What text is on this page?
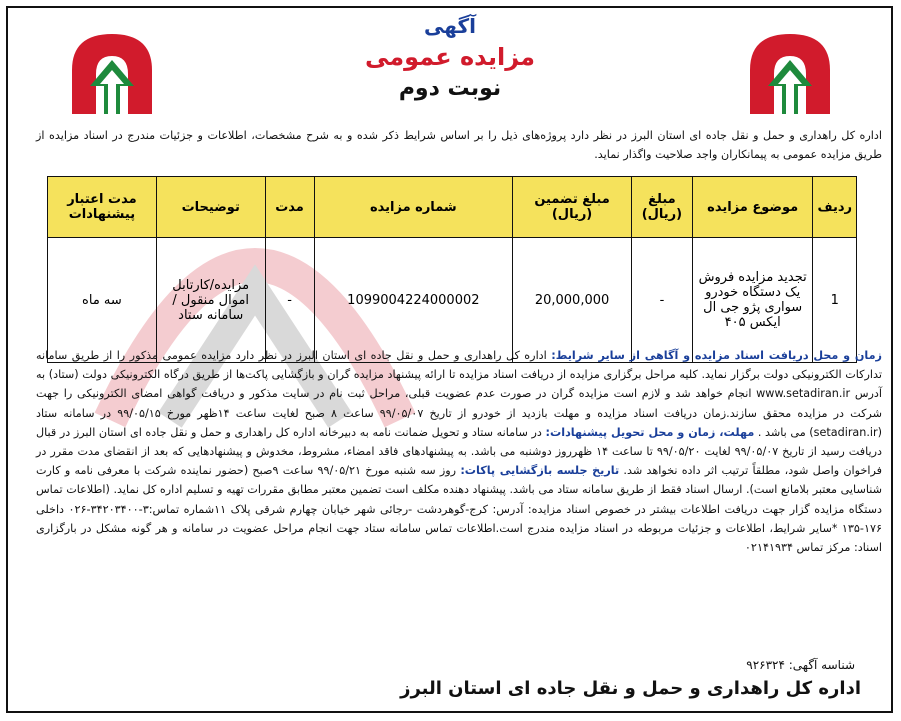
آگهی
مزایده عمومی
نوبت دوم
اداره کل راهداری و حمل و نقل جاده ای استان البرز در نظر دارد پروژه‌های ذیل را بر اساس شرایط ذکر شده و به شرح مشخصات، اطلاعات و جزئیات مندرج در اسناد مزایده از طریق مزایده عمومی به پیمانکاران واجد صلاحیت واگذار نماید.
ردیف	موضوع مزایده	مبلغ (ریال)	مبلغ تضمین (ریال)	شماره مزایده	مدت	توضیحات	مدت اعتبار پیشنهادات
1	تجدید مزایده فروش یک دستگاه خودرو سواری پژو جی ال ایکس ۴۰۵	-	20,000,000	1099004224000002	-	مزایده/کارتابل اموال منقول / سامانه ستاد	سه ماه
زمان و محل دریافت اسناد مزایده و آگاهی از سایر شرایط: اداره کل راهداری و حمل و نقل جاده ای استان البرز در نظر دارد مزایده عمومی مذکور را از طریق سامانه تدارکات الکترونیکی دولت برگزار نماید. کلیه مراحل برگزاری مزایده از دریافت اسناد مزایده تا ارائه پیشنهاد مزایده گران و بازگشایی پاکت‌ها از طریق درگاه الکترونیکی دولت (ستاد) به آدرس www.setadiran.ir انجام خواهد شد و لازم است مزایده گران در صورت عدم عضویت قبلی، مراحل ثبت نام در سایت مذکور و دریافت گواهی امضای الکترونیکی را جهت شرکت در مزایده محقق سازند.زمان دریافت اسناد مزایده و مهلت بازدید از خودرو از تاریخ ۹۹/۰۵/۰۷ ساعت ۸ صبح لغایت ساعت ۱۴ظهر مورخ ۹۹/۰۵/۱۵ در سامانه ستاد (setadiran.ir) می باشد . مهلت، زمان و محل تحویل پیشنهادات: در سامانه ستاد و تحویل ضمانت نامه به دبیرخانه اداره کل راهداری و حمل و نقل جاده ای استان البرز در قبال دریافت رسید از تاریخ ۹۹/۰۵/۰۷ لغایت ۹۹/۰۵/۲۰ تا ساعت ۱۴ ظهرروز دوشنبه می باشد. به پیشنهادهای فاقد امضاء، مشروط، مخدوش و پیشنهادهایی که بعد از انقضای مدت مقرر در فراخوان واصل شود، مطلقاً ترتیب اثر داده نخواهد شد. تاریخ جلسه بازگشایی پاکات: روز سه شنبه مورخ ۹۹/۰۵/۲۱ ساعت ۹صبح (حضور نماینده شرکت با معرفی نامه و کارت شناسایی معتبر بلامانع است). ارسال اسناد فقط از طریق سامانه ستاد می باشد. پیشنهاد دهنده مکلف است تضمین معتبر مطابق مقررات تهیه و تسلیم اداره کل نماید. (اطلاعات تماس دستگاه مزایده گزار جهت دریافت اطلاعات بیشتر در خصوص اسناد مزایده: آدرس: کرج-گوهردشت -رجائی شهر خیابان چهارم شرقی پلاک ۱۱شماره تماس:۳-۳۴۲۰۳۴۰۰-۰۲۶ داخلی ۱۷۶-۱۳۵ *سایر شرایط، اطلاعات و جزئیات مربوطه در اسناد مزایده مندرج است.اطلاعات تماس سامانه ستاد جهت انجام مراحل عضویت در سامانه و هر گونه مشکل در بارگزاری اسناد: مرکز تماس ۰۲۱۴۱۹۳۴
شناسه آگهی: ۹۲۶۳۲۴
اداره کل راهداری و حمل و نقل جاده ای استان البرز
